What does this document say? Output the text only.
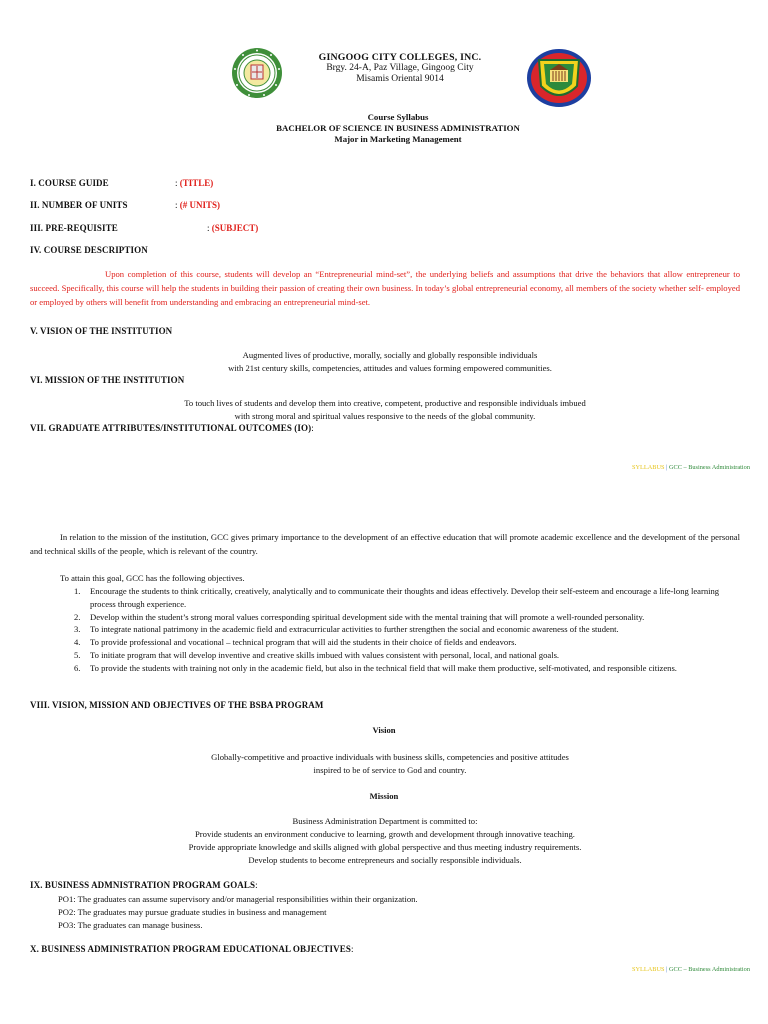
GINGOOG CITY COLLEGES, INC.
Brgy. 24-A, Paz Village, Gingoog City
Misamis Oriental 9014
Course Syllabus
BACHELOR OF SCIENCE IN BUSINESS ADMINISTRATION
Major in Marketing Management
I. COURSE GUIDE	: (TITLE)
II. NUMBER OF UNITS	: (# UNITS)
III. PRE-REQUISITE	: (SUBJECT)
IV. COURSE DESCRIPTION
Upon completion of this course, students will develop an “Entrepreneurial mind-set”, the underlying beliefs and assumptions that drive the behaviors that allow entrepreneur to succeed. Specifically, this course will help the students in building their passion of creating their own business. In today’s global entrepreneurial economy, all members of the society whether self- employed or employed by others will benefit from understanding and embracing an entrepreneurial mind-set.
V. VISION OF THE INSTITUTION
Augmented lives of productive, morally, socially and globally responsible individuals
with 21st century skills, competencies, attitudes and values forming empowered communities.
VI. MISSION OF THE INSTITUTION
To touch lives of students and develop them into creative, competent, productive and responsible individuals imbued
with strong moral and spiritual values responsive to the needs of the global community.
VII. GRADUATE ATTRIBUTES/INSTITUTIONAL OUTCOMES (IO):
SYLLABUS | GCC – Business Administration
In relation to the mission of the institution, GCC gives primary importance to the development of an effective education that will promote academic excellence and the development of the personal and technical skills of the people, which is relevant of the country.
To attain this goal, GCC has the following objectives.
1. Encourage the students to think critically, creatively, analytically and to communicate their thoughts and ideas effectively. Develop their self-esteem and encourage a life-long learning process through experience.
2. Develop within the student’s strong moral values corresponding spiritual development side with the mental training that will promote a well-rounded personality.
3. To integrate national patrimony in the academic field and extracurricular activities to further strengthen the social and economic awareness of the student.
4. To provide professional and vocational – technical program that will aid the students in their choice of fields and endeavors.
5. To initiate program that will develop inventive and creative skills imbued with values consistent with personal, local, and national goals.
6. To provide the students with training not only in the academic field, but also in the technical field that will make them productive, self-motivated, and responsible citizens.
VIII. VISION, MISSION AND OBJECTIVES OF THE BSBA PROGRAM
Vision
Globally-competitive and proactive individuals with business skills, competencies and positive attitudes
inspired to be of service to God and country.
Mission
Business Administration Department is committed to:
Provide students an environment conducive to learning, growth and development through innovative teaching.
Provide appropriate knowledge and skills aligned with global perspective and thus meeting industry requirements.
Develop students to become entrepreneurs and socially responsible individuals.
IX. BUSINESS ADMNISTRATION PROGRAM GOALS:
PO1: The graduates can assume supervisory and/or managerial responsibilities within their organization.
PO2: The graduates may pursue graduate studies in business and management
PO3: The graduates can manage business.
X. BUSINESS ADMINISTRATION PROGRAM EDUCATIONAL OBJECTIVES:
SYLLABUS | GCC – Business Administration
